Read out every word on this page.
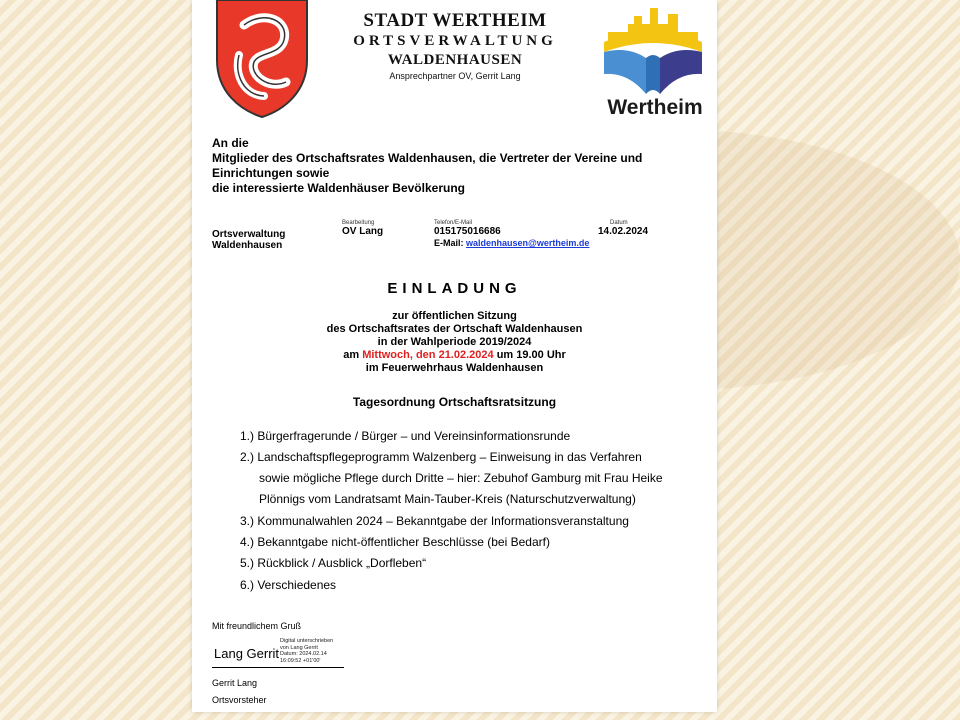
STADT WERTHEIM
ORTSVERWALTUNG
WALDENHAUSEN
Ansprechpartner OV, Gerrit Lang
Wertheim
An die
Mitglieder des Ortschaftsrates Waldenhausen, die Vertreter der Vereine und
Einrichtungen sowie
die interessierte Waldenhäuser Bevölkerung
Ortsverwaltung
Waldenhausen
Bearbeitung
OV Lang
Telefon/E-Mail
015175016686
E-Mail: waldenhausen@wertheim.de
Datum
14.02.2024
EINLADUNG
zur öffentlichen Sitzung
des Ortschaftsrates der Ortschaft Waldenhausen
in der Wahlperiode 2019/2024
am Mittwoch, den 21.02.2024 um 19.00 Uhr
im Feuerwehrhaus Waldenhausen
Tagesordnung Ortschaftsratsitzung
1.) Bürgerfragerunde / Bürger – und Vereinsinformationsrunde
2.) Landschaftspflegeprogramm Walzenberg – Einweisung in das Verfahren
sowie mögliche Pflege durch Dritte – hier: Zebuhof Gamburg mit Frau Heike
Plönnigs vom Landratsamt Main-Tauber-Kreis (Naturschutzverwaltung)
3.) Kommunalwahlen 2024 – Bekanntgabe der Informationsveranstaltung
4.) Bekanntgabe nicht-öffentlicher Beschlüsse (bei Bedarf)
5.) Rückblick / Ausblick „Dorfleben“
6.) Verschiedenes
Mit freundlichem Gruß
Lang Gerrit
Digital unterschrieben
von Lang Gerrit
Datum: 2024.02.14
16:09:52 +01'00'
Gerrit Lang
Ortsvorsteher
